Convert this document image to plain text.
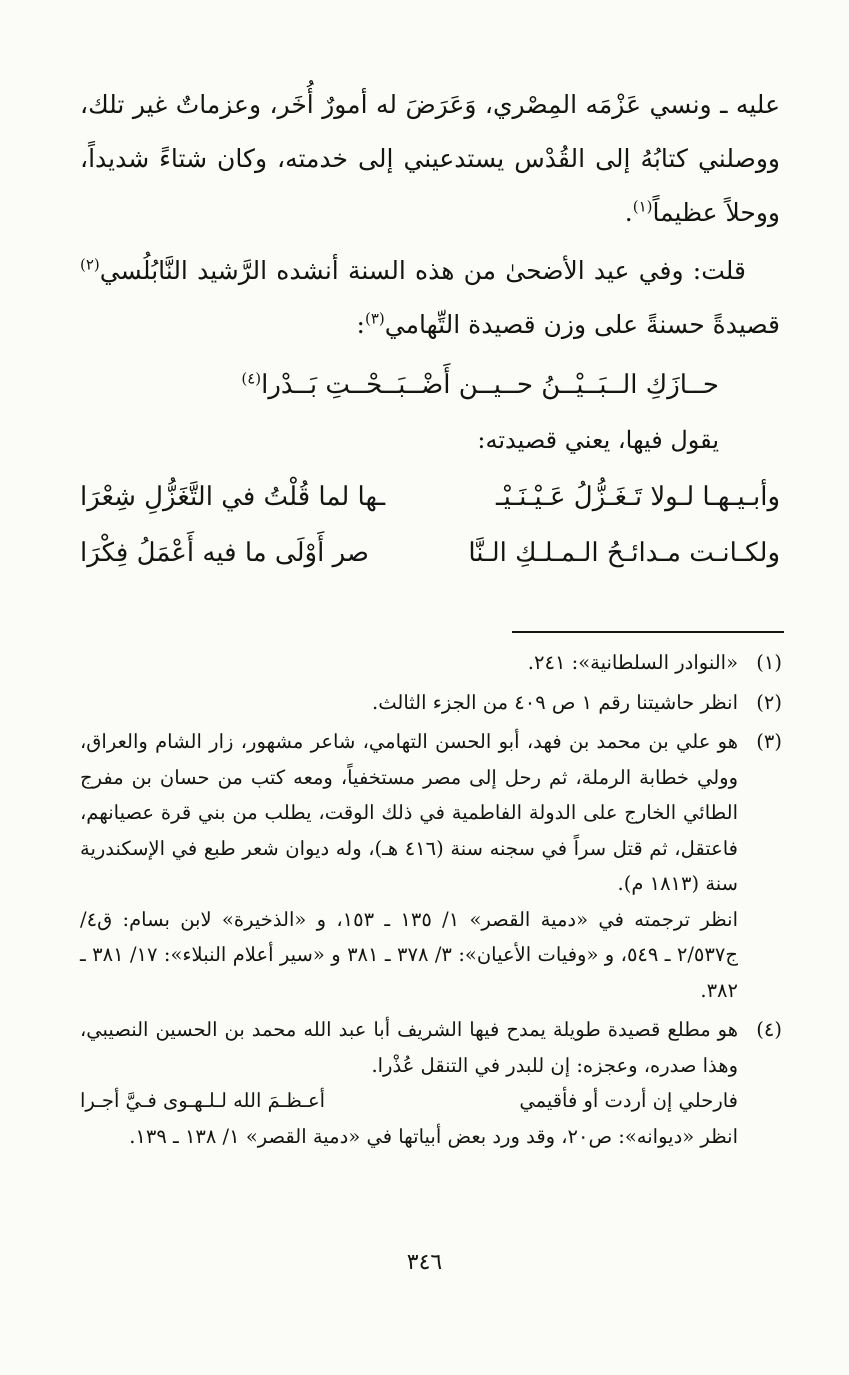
عليه ـ ونسي عَزْمَه المِصْري، وَعَرَضَ له أمورٌ أُخَر، وعزماتٌ غير تلك، ووصلني كتابُهُ إلى القُدْس يستدعيني إلى خدمته، وكان شتاءً شديداً، ووحلاً عظيماً$^{(١)}$.

قلت: وفي عيد الأضحىٰ من هذه السنة أنشده الرَّشيد النَّابُلُسي$^{(٢)}$ قصيدةً حسنةً على وزن قصيدة التِّهامي$^{(٣)}$:

حــازَكِ الــبَــيْــنُ حــيــن أَضْــبَــحْــتِ بَــدْرا$^{(٤)}$
يقول فيها، يعني قصيدته:
وأبـيـهـا لـولا تَـغَـزُّلُ عَـيْـنَـيْـ
ـها لما قُلْتُ في التَّغَزُّلِ شِعْرَا
ولكـانـت مـدائـحُ الـمـلـكِ الـنَّا
صر أَوْلَى ما فيه أَعْمَلُ فِكْرَا
(١)

«النوادر السلطانية»: ٢٤١.

(٢)

انظر حاشيتنا رقم ١ ص ٤٠٩ من الجزء الثالث.

(٣)

هو علي بن محمد بن فهد، أبو الحسن التهامي، شاعر مشهور، زار الشام والعراق، وولي خطابة الرملة، ثم رحل إلى مصر مستخفياً، ومعه كتب من حسان بن مفرج الطائي الخارج على الدولة الفاطمية في ذلك الوقت، يطلب من بني قرة عصيانهم، فاعتقل، ثم قتل سراً في سجنه سنة (٤١٦ هـ)، وله ديوان شعر طبع في الإسكندرية سنة (١٨١٣ م).

انظر ترجمته في «دمية القصر» ١/ ١٣٥ ـ ١٥٣، و «الذخيرة» لابن بسام: ق٤/ج٢/٥٣٧ ـ ٥٤٩، و «وفيات الأعيان»: ٣/ ٣٧٨ ـ ٣٨١ و «سير أعلام النبلاء»: ١٧/ ٣٨١ ـ ٣٨٢.

(٤)

هو مطلع قصيدة طويلة يمدح فيها الشريف أبا عبد الله محمد بن الحسين النصيبي، وهذا صدره، وعجزه: إن للبدر في التنقل عُذْرا.

فارحلي إن أردت أو فأقيمي
أعـظـمَ الله لـلـهـوى فـيَّ أجـرا

انظر «ديوانه»: ص٢٠، وقد ورد بعض أبياتها في «دمية القصر» ١/ ١٣٨ ـ ١٣٩.

٣٤٦
